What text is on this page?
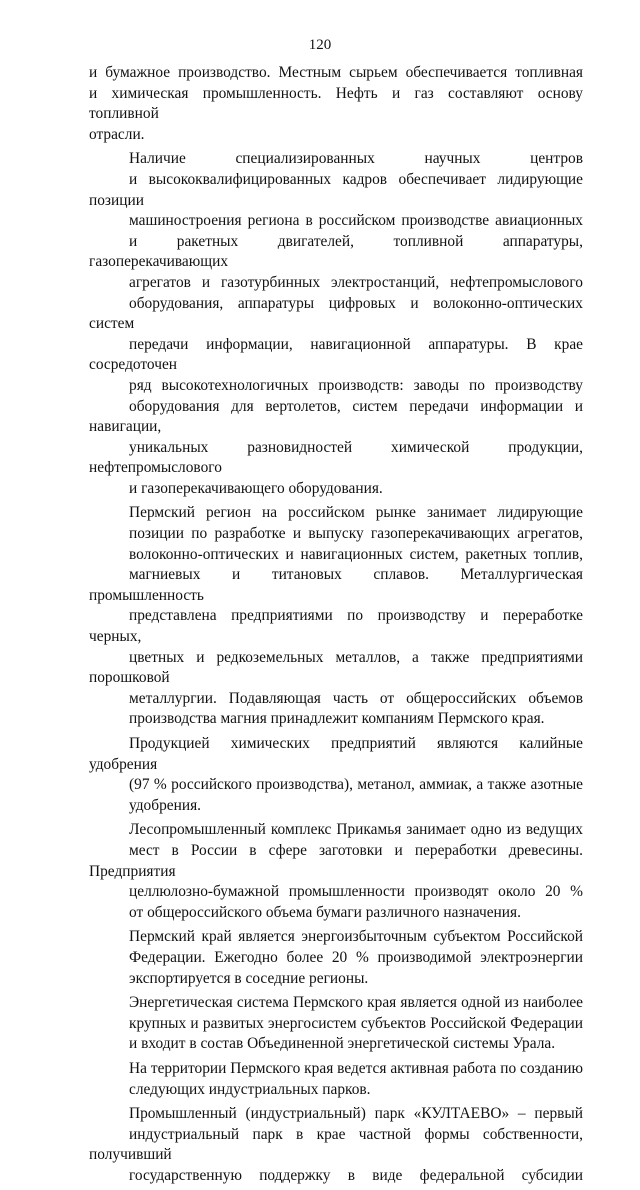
120

и бумажное производство. Местным сырьем обеспечивается топливная
и химическая промышленность. Нефть и газ составляют основу топливной
отрасли.

Наличие специализированных научных центров
и высококвалифицированных кадров обеспечивает лидирующие позиции
машиностроения региона в российском производстве авиационных
и ракетных двигателей, топливной аппаратуры, газоперекачивающих
агрегатов и газотурбинных электростанций, нефтепромыслового
оборудования, аппаратуры цифровых и волоконно-оптических систем
передачи информации, навигационной аппаратуры. В крае сосредоточен
ряд высокотехнологичных производств: заводы по производству
оборудования для вертолетов, систем передачи информации и навигации,
уникальных разновидностей химической продукции, нефтепромыслового
и газоперекачивающего оборудования.

Пермский регион на российском рынке занимает лидирующие
позиции по разработке и выпуску газоперекачивающих агрегатов,
волоконно-оптических и навигационных систем, ракетных топлив,
магниевых и титановых сплавов. Металлургическая промышленность
представлена предприятиями по производству и переработке черных,
цветных и редкоземельных металлов, а также предприятиями порошковой
металлургии. Подавляющая часть от общероссийских объемов
производства магния принадлежит компаниям Пермского края.

Продукцией химических предприятий являются калийные удобрения
(97 % российского производства), метанол, аммиак, а также азотные
удобрения.

Лесопромышленный комплекс Прикамья занимает одно из ведущих
мест в России в сфере заготовки и переработки древесины. Предприятия
целлюлозно-бумажной промышленности производят около 20 %
от общероссийского объема бумаги различного назначения.

Пермский край является энергоизбыточным субъектом Российской
Федерации. Ежегодно более 20 % производимой электроэнергии
экспортируется в соседние регионы.

Энергетическая система Пермского края является одной из наиболее
крупных и развитых энергосистем субъектов Российской Федерации
и входит в состав Объединенной энергетической системы Урала.

На территории Пермского края ведется активная работа по созданию
следующих индустриальных парков.

Промышленный (индустриальный) парк «КУЛТАЕВО» – первый
индустриальный парк в крае частной формы собственности, получивший
государственную поддержку в виде федеральной субсидии
